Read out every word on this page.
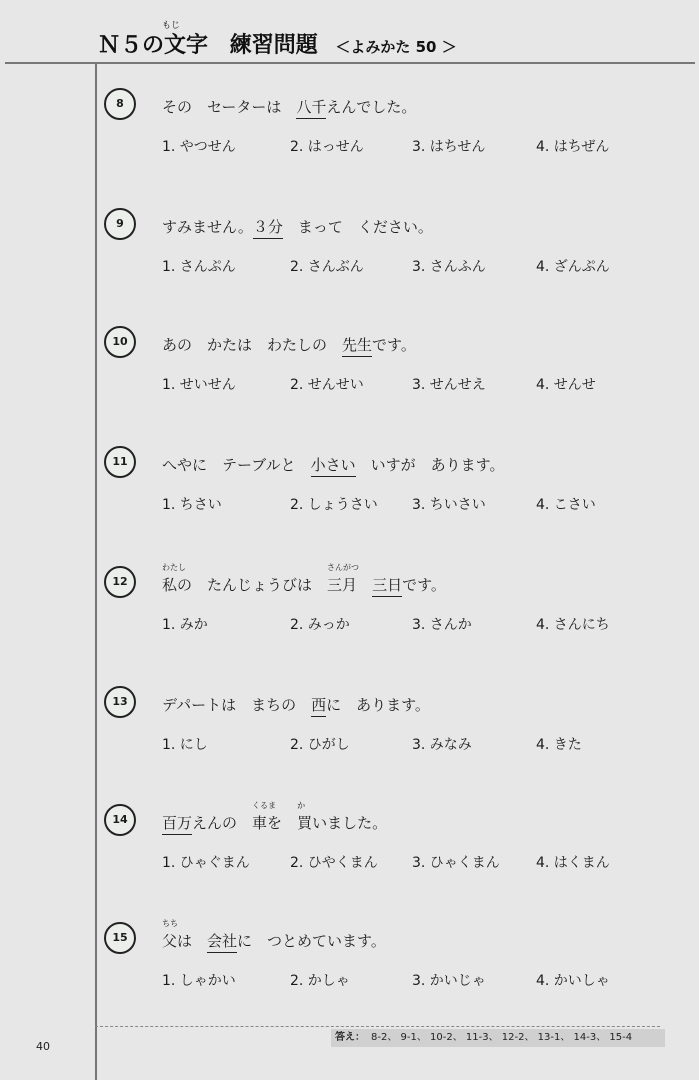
Ｎ５の文字
もじ
練習問題 ＜よみかた 50 ＞
8	その　セーターは　八千えんでした。
1. やつせん	2. はっせん	3. はちせん	4. はちぜん
9	すみません。３分　まって　ください。
1. さんぷん	2. さんぶん	3. さんふん	4. ざんぷん
10	あの　かたは　わたしの　先生です。
1. せいせん	2. せんせい	3. せんせえ	4. せんせ
11	へやに　テーブルと　小さい　いすが　あります。
1. ちさい	2. しょうさい 3. ちいさい	4. こさい
12	私
わたし
の　たんじょうびは　三月
さんがつ
　三日です。
1. みか	2. みっか	3. さんか	4. さんにち
13	デパートは　まちの　西に　あります。
1. にし	2. ひがし	3. みなみ	4. きた
14	百万えんの　車
くるま
を　買
か
いました。
1. ひゃぐまん	2. ひやくまん 3. ひゃくまん	4. はくまん
15	父
ちち
は　会社に　つとめています。
1. しゃかい	2. かしゃ	3. かいじゃ	4. かいしゃ
答え： 8-2、 9-1、 10-2、 11-3、 12-2、 13-1、 14-3、 15-4
40
